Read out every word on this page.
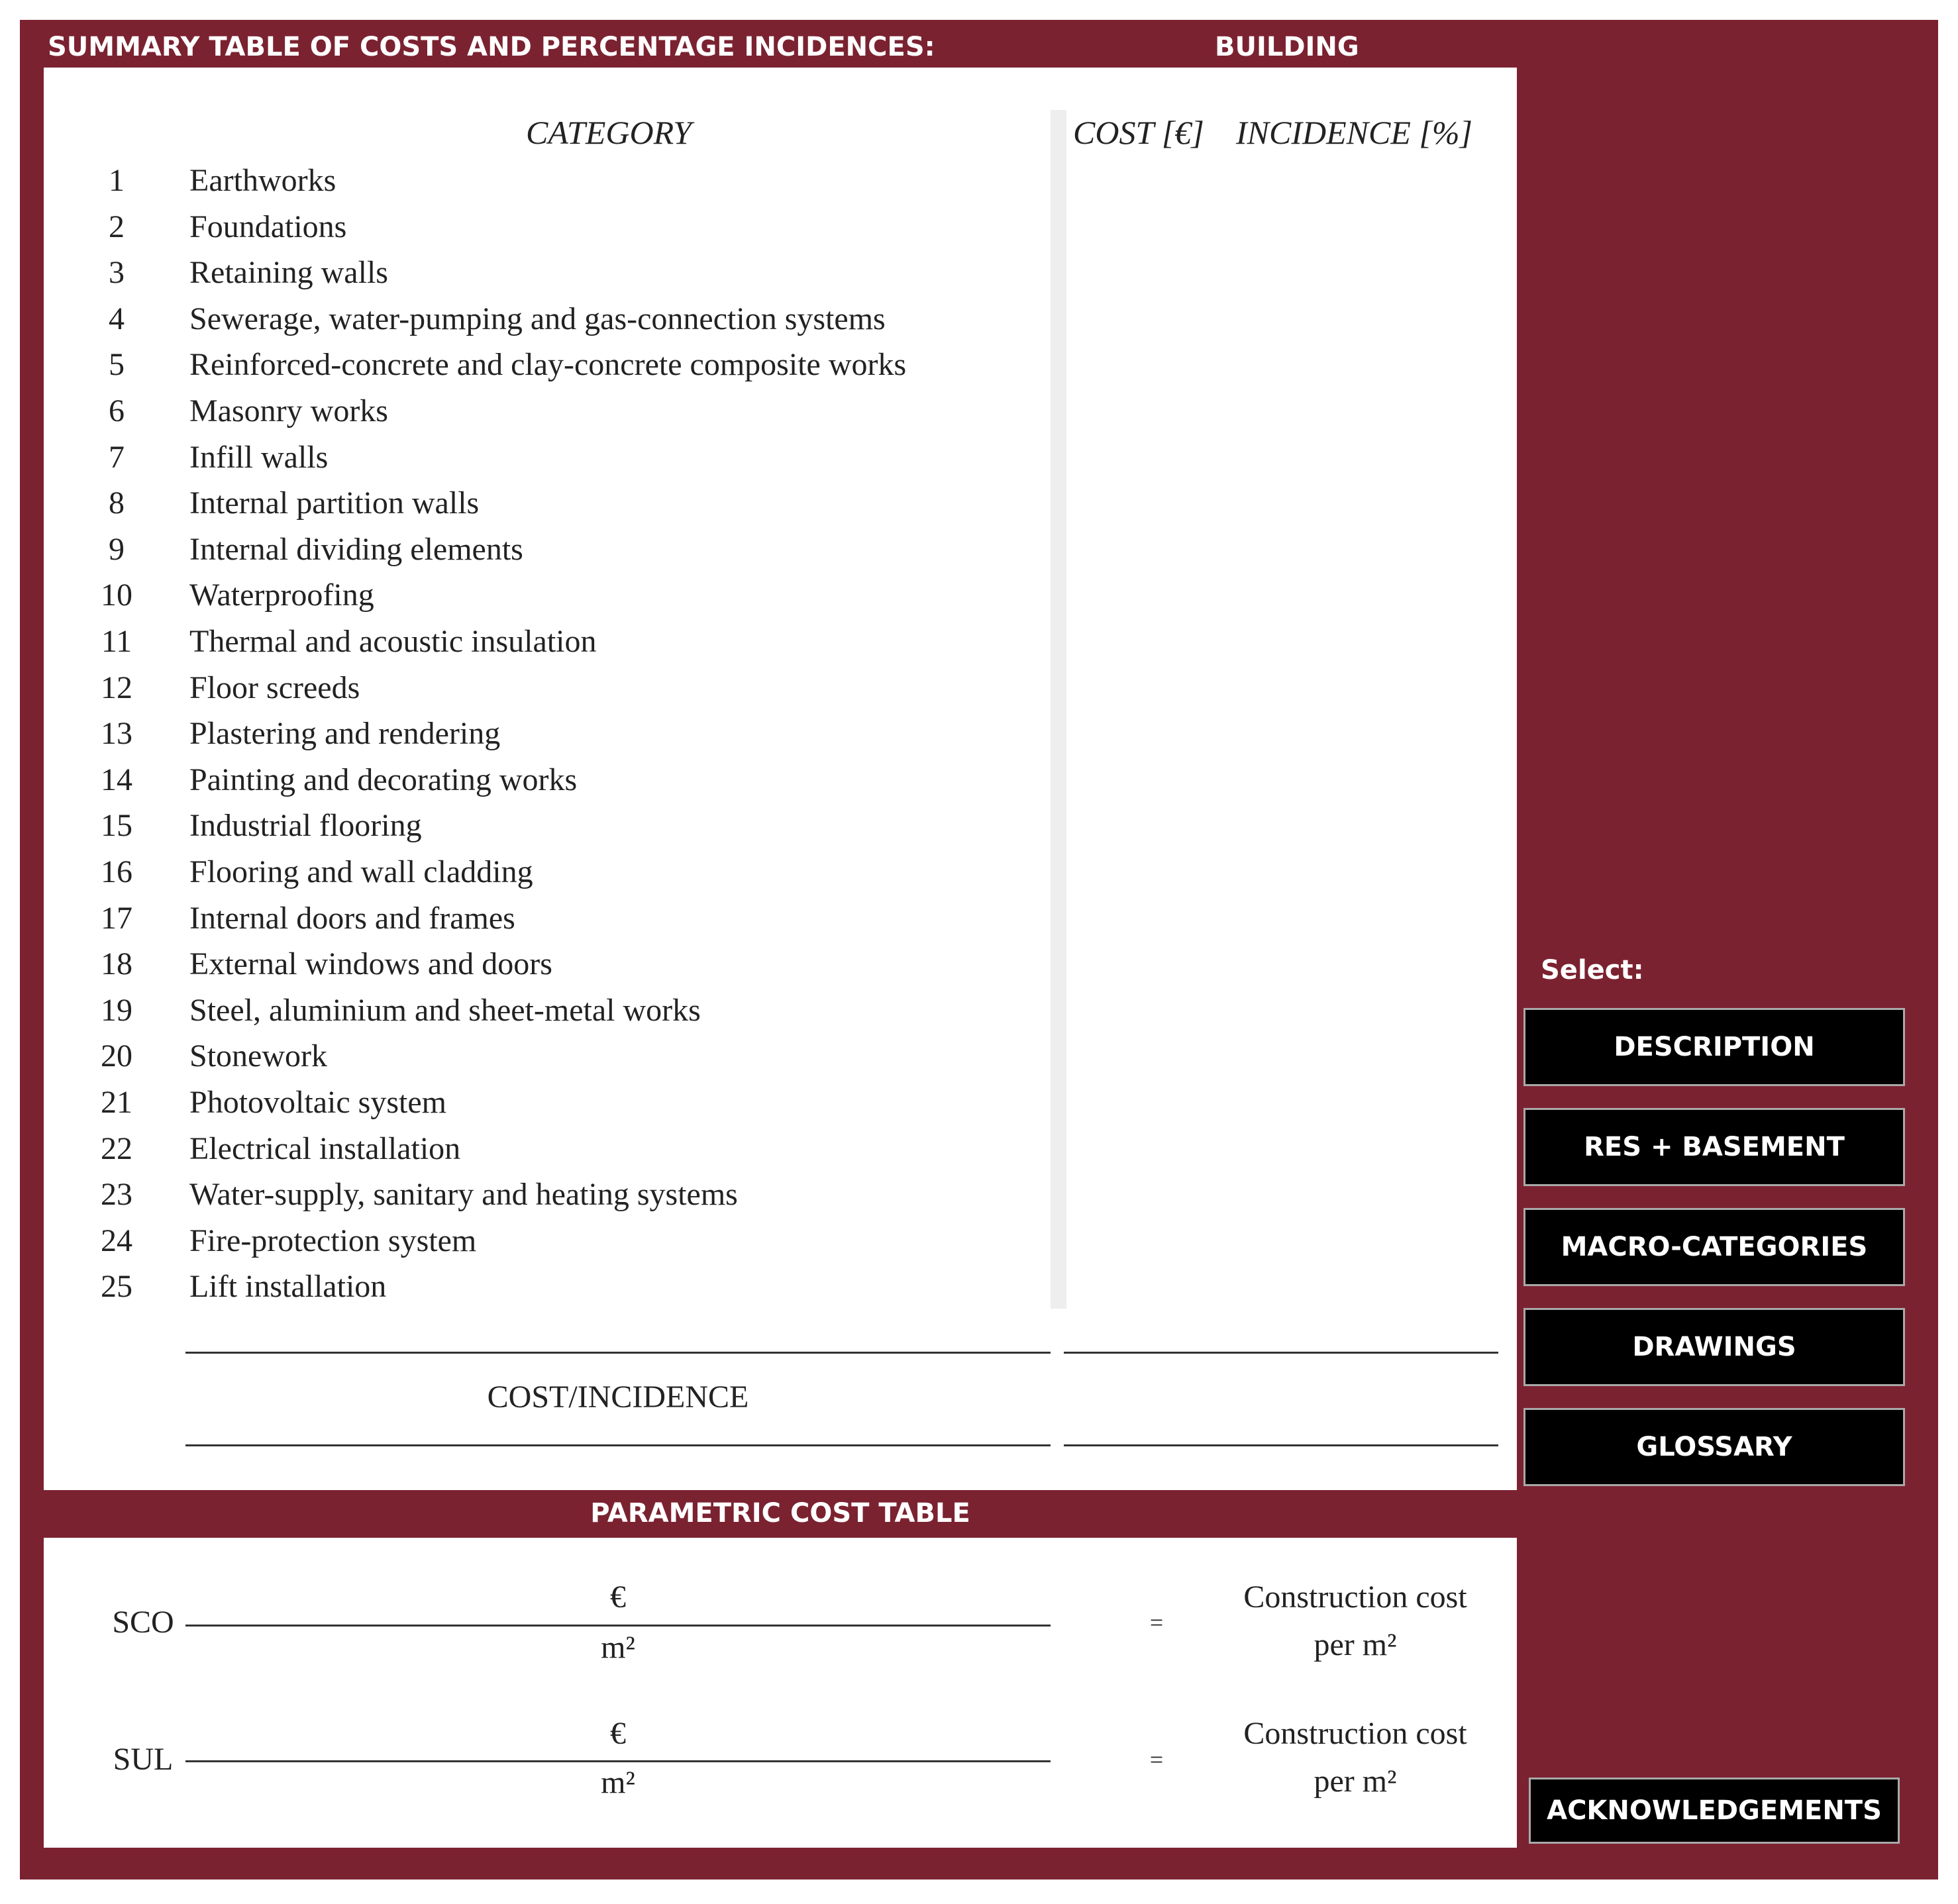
SUMMARY TABLE OF COSTS AND PERCENTAGE INCIDENCES:	BUILDING
CATEGORY	COST [€] INCIDENCE [%]
1	Earthworks
2	Foundations
3	Retaining walls
4	Sewerage, water-pumping and gas-connection systems
5	Reinforced-concrete and clay-concrete composite works
6	Masonry works
7	Infill walls
8	Internal partition walls
9	Internal dividing elements
10	Waterproofing
11	Thermal and acoustic insulation
12	Floor screeds
13	Plastering and rendering
14	Painting and decorating works
15	Industrial flooring
16	Flooring and wall cladding
17	Internal doors and frames
18	External windows and doors
19	Steel, aluminium and sheet-metal works
20	Stonework
21	Photovoltaic system
22	Electrical installation
23	Water-supply, sanitary and heating systems
24	Fire-protection system
25	Lift installation
COST/INCIDENCE
PARAMETRIC COST TABLE
SCO
€
m²
=
Construction cost
per m²
SUL
€
m²
=
Construction cost
per m²
Select:
DESCRIPTION
RES + BASEMENT
MACRO-CATEGORIES
DRAWINGS
GLOSSARY
ACKNOWLEDGEMENTS
